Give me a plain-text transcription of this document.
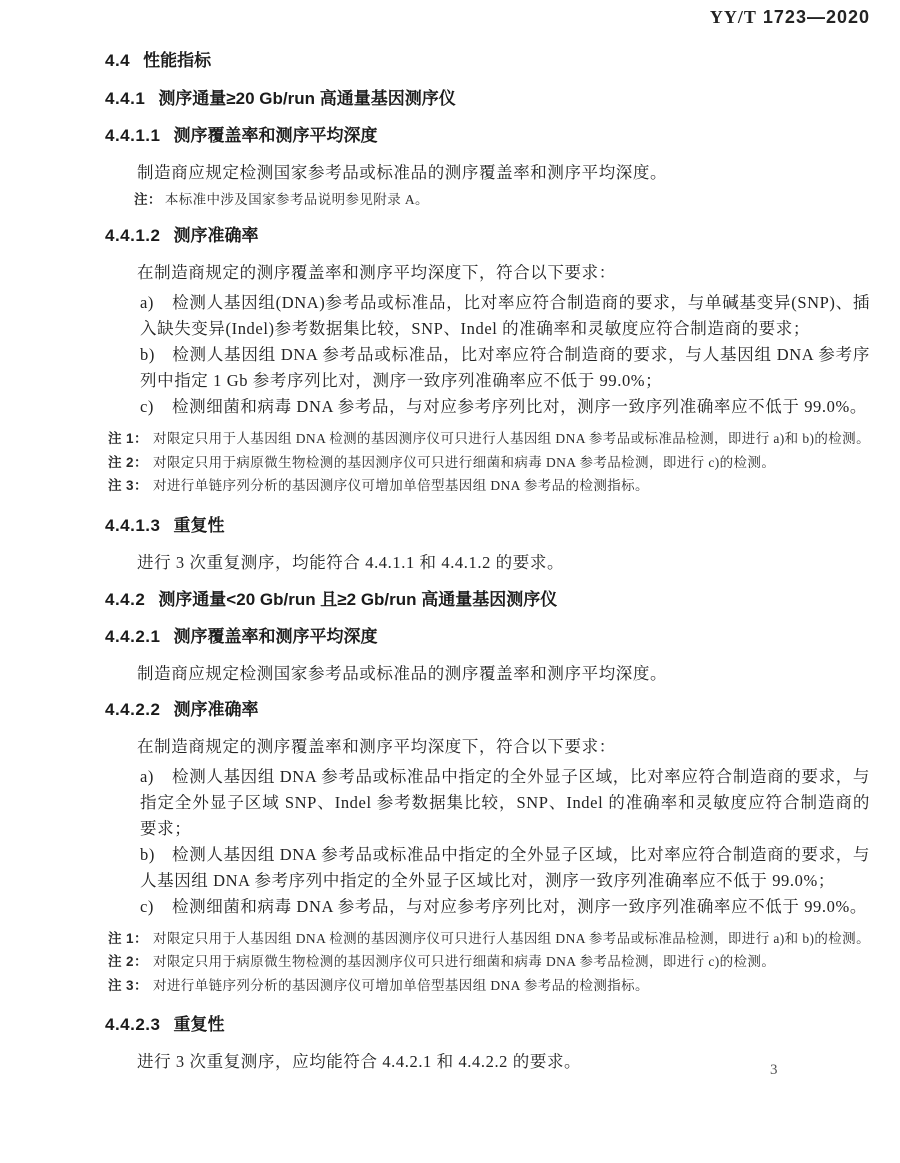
YY/T 1723—2020
4.4 性能指标
4.4.1 测序通量≥20 Gb/run 高通量基因测序仪
4.4.1.1 测序覆盖率和测序平均深度
制造商应规定检测国家参考品或标准品的测序覆盖率和测序平均深度。
注： 本标准中涉及国家参考品说明参见附录 A。
4.4.1.2 测序准确率
在制造商规定的测序覆盖率和测序平均深度下，符合以下要求：
a) 检测人基因组(DNA)参考品或标准品，比对率应符合制造商的要求，与单碱基变异(SNP)、插入缺失变异(Indel)参考数据集比较，SNP、Indel 的准确率和灵敏度应符合制造商的要求；
b) 检测人基因组 DNA 参考品或标准品，比对率应符合制造商的要求，与人基因组 DNA 参考序列中指定 1 Gb 参考序列比对，测序一致序列准确率应不低于 99.0%；
c) 检测细菌和病毒 DNA 参考品，与对应参考序列比对，测序一致序列准确率应不低于 99.0%。
注 1： 对限定只用于人基因组 DNA 检测的基因测序仪可只进行人基因组 DNA 参考品或标准品检测，即进行 a)和 b)的检测。
注 2： 对限定只用于病原微生物检测的基因测序仪可只进行细菌和病毒 DNA 参考品检测，即进行 c)的检测。
注 3： 对进行单链序列分析的基因测序仪可增加单倍型基因组 DNA 参考品的检测指标。
4.4.1.3 重复性
进行 3 次重复测序，均能符合 4.4.1.1 和 4.4.1.2 的要求。
4.4.2 测序通量<20 Gb/run 且≥2 Gb/run 高通量基因测序仪
4.4.2.1 测序覆盖率和测序平均深度
制造商应规定检测国家参考品或标准品的测序覆盖率和测序平均深度。
4.4.2.2 测序准确率
在制造商规定的测序覆盖率和测序平均深度下，符合以下要求：
a) 检测人基因组 DNA 参考品或标准品中指定的全外显子区域，比对率应符合制造商的要求，与指定全外显子区域 SNP、Indel 参考数据集比较，SNP、Indel 的准确率和灵敏度应符合制造商的要求；
b) 检测人基因组 DNA 参考品或标准品中指定的全外显子区域，比对率应符合制造商的要求，与人基因组 DNA 参考序列中指定的全外显子区域比对，测序一致序列准确率应不低于 99.0%；
c) 检测细菌和病毒 DNA 参考品，与对应参考序列比对，测序一致序列准确率应不低于 99.0%。
注 1： 对限定只用于人基因组 DNA 检测的基因测序仪可只进行人基因组 DNA 参考品或标准品检测，即进行 a)和 b)的检测。
注 2： 对限定只用于病原微生物检测的基因测序仪可只进行细菌和病毒 DNA 参考品检测，即进行 c)的检测。
注 3： 对进行单链序列分析的基因测序仪可增加单倍型基因组 DNA 参考品的检测指标。
4.4.2.3 重复性
进行 3 次重复测序，应均能符合 4.4.2.1 和 4.4.2.2 的要求。	3
